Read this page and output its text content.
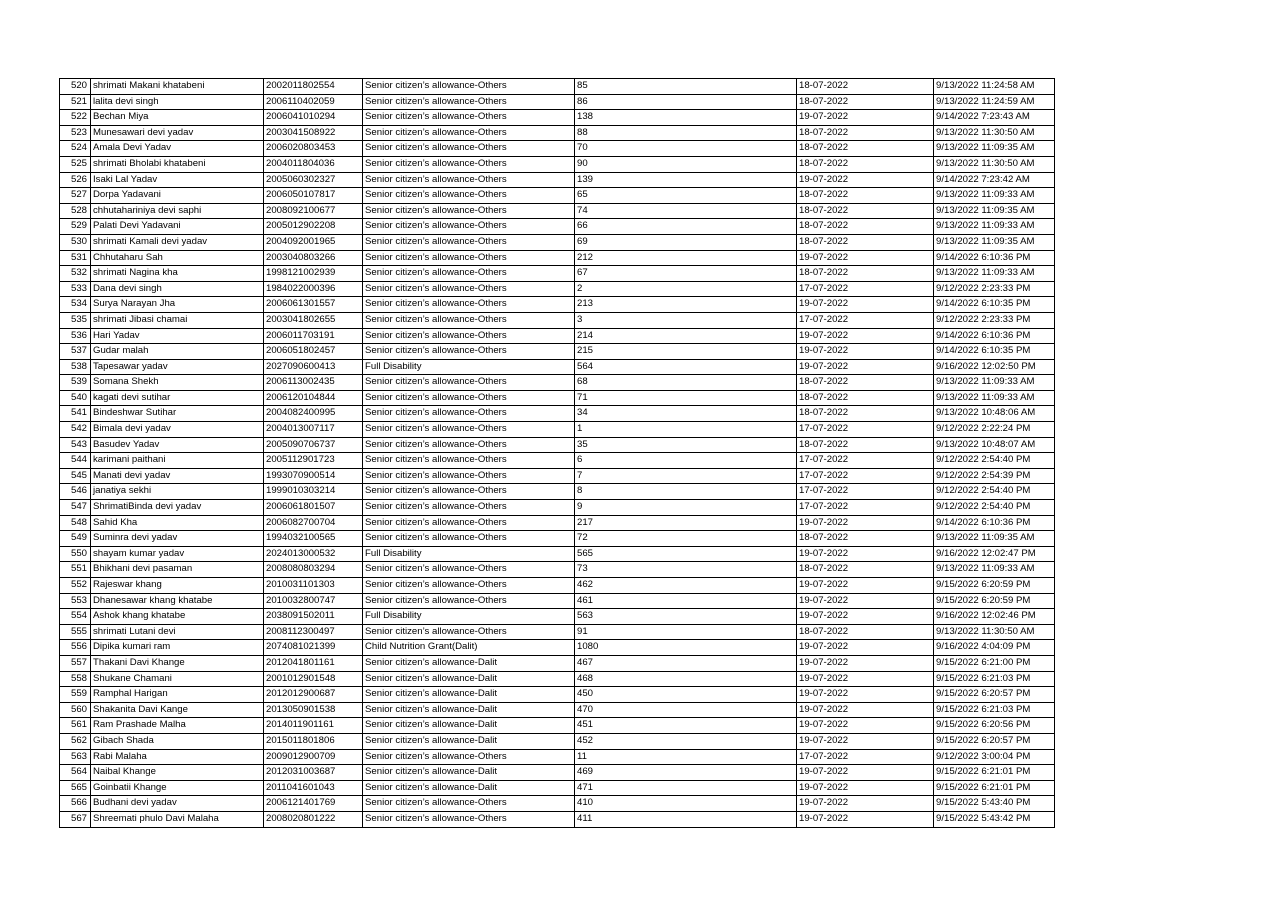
520	shrimati Makani khatabeni	2002011802554	Senior citizen’s allowance-Others	85	18-07-2022	9/13/2022 11:24:58 AM
521	lalita devi singh	2006110402059	Senior citizen’s allowance-Others	86	18-07-2022	9/13/2022 11:24:59 AM
522	Bechan Miya	2006041010294	Senior citizen’s allowance-Others	138	19-07-2022	9/14/2022 7:23:43 AM
523	Munesawari devi yadav	2003041508922	Senior citizen’s allowance-Others	88	18-07-2022	9/13/2022 11:30:50 AM
524	Amala Devi Yadav	2006020803453	Senior citizen’s allowance-Others	70	18-07-2022	9/13/2022 11:09:35 AM
525	shrimati Bholabi khatabeni	2004011804036	Senior citizen’s allowance-Others	90	18-07-2022	9/13/2022 11:30:50 AM
526	Isaki Lal Yadav	2005060302327	Senior citizen’s allowance-Others	139	19-07-2022	9/14/2022 7:23:42 AM
527	Dorpa Yadavani	2006050107817	Senior citizen’s allowance-Others	65	18-07-2022	9/13/2022 11:09:33 AM
528	chhutahariniya devi saphi	2008092100677	Senior citizen’s allowance-Others	74	18-07-2022	9/13/2022 11:09:35 AM
529	Palati Devi Yadavani	2005012902208	Senior citizen’s allowance-Others	66	18-07-2022	9/13/2022 11:09:33 AM
530	shrimati Kamali devi yadav	2004092001965	Senior citizen’s allowance-Others	69	18-07-2022	9/13/2022 11:09:35 AM
531	Chhutaharu Sah	2003040803266	Senior citizen’s allowance-Others	212	19-07-2022	9/14/2022 6:10:36 PM
532	shrimati Nagina kha	1998121002939	Senior citizen’s allowance-Others	67	18-07-2022	9/13/2022 11:09:33 AM
533	Dana devi singh	1984022000396	Senior citizen’s allowance-Others	2	17-07-2022	9/12/2022 2:23:33 PM
534	Surya Narayan Jha	2006061301557	Senior citizen’s allowance-Others	213	19-07-2022	9/14/2022 6:10:35 PM
535	shrimati Jibasi chamai	2003041802655	Senior citizen’s allowance-Others	3	17-07-2022	9/12/2022 2:23:33 PM
536	Hari Yadav	2006011703191	Senior citizen’s allowance-Others	214	19-07-2022	9/14/2022 6:10:36 PM
537	Gudar malah	2006051802457	Senior citizen’s allowance-Others	215	19-07-2022	9/14/2022 6:10:35 PM
538	Tapesawar yadav	2027090600413	Full Disability	564	19-07-2022	9/16/2022 12:02:50 PM
539	Somana Shekh	2006113002435	Senior citizen’s allowance-Others	68	18-07-2022	9/13/2022 11:09:33 AM
540	kagati devi sutihar	2006120104844	Senior citizen’s allowance-Others	71	18-07-2022	9/13/2022 11:09:33 AM
541	Bindeshwar Sutihar	2004082400995	Senior citizen’s allowance-Others	34	18-07-2022	9/13/2022 10:48:06 AM
542	Bimala devi yadav	2004013007117	Senior citizen’s allowance-Others	1	17-07-2022	9/12/2022 2:22:24 PM
543	Basudev Yadav	2005090706737	Senior citizen’s allowance-Others	35	18-07-2022	9/13/2022 10:48:07 AM
544	karimani paithani	2005112901723	Senior citizen’s allowance-Others	6	17-07-2022	9/12/2022 2:54:40 PM
545	Manati devi yadav	1993070900514	Senior citizen’s allowance-Others	7	17-07-2022	9/12/2022 2:54:39 PM
546	janatiya sekhi	1999010303214	Senior citizen’s allowance-Others	8	17-07-2022	9/12/2022 2:54:40 PM
547	ShrimatiBinda devi yadav	2006061801507	Senior citizen’s allowance-Others	9	17-07-2022	9/12/2022 2:54:40 PM
548	Sahid Kha	2006082700704	Senior citizen’s allowance-Others	217	19-07-2022	9/14/2022 6:10:36 PM
549	Suminra devi yadav	1994032100565	Senior citizen’s allowance-Others	72	18-07-2022	9/13/2022 11:09:35 AM
550	shayam kumar yadav	2024013000532	Full Disability	565	19-07-2022	9/16/2022 12:02:47 PM
551	Bhikhani devi pasaman	2008080803294	Senior citizen’s allowance-Others	73	18-07-2022	9/13/2022 11:09:33 AM
552	Rajeswar khang	2010031101303	Senior citizen’s allowance-Others	462	19-07-2022	9/15/2022 6:20:59 PM
553	Dhanesawar khang khatabe	2010032800747	Senior citizen’s allowance-Others	461	19-07-2022	9/15/2022 6:20:59 PM
554	Ashok khang khatabe	2038091502011	Full Disability	563	19-07-2022	9/16/2022 12:02:46 PM
555	shrimati Lutani devi	2008112300497	Senior citizen’s allowance-Others	91	18-07-2022	9/13/2022 11:30:50 AM
556	Dipika kumari ram	2074081021399	Child Nutrition Grant(Dalit)	1080	19-07-2022	9/16/2022 4:04:09 PM
557	Thakani Davi Khange	2012041801161	Senior citizen’s allowance-Dalit	467	19-07-2022	9/15/2022 6:21:00 PM
558	Shukane Chamani	2001012901548	Senior citizen’s allowance-Dalit	468	19-07-2022	9/15/2022 6:21:03 PM
559	Ramphal Harigan	2012012900687	Senior citizen’s allowance-Dalit	450	19-07-2022	9/15/2022 6:20:57 PM
560	Shakanita Davi Kange	2013050901538	Senior citizen’s allowance-Dalit	470	19-07-2022	9/15/2022 6:21:03 PM
561	Ram Prashade Malha	2014011901161	Senior citizen’s allowance-Dalit	451	19-07-2022	9/15/2022 6:20:56 PM
562	Gibach Shada	2015011801806	Senior citizen’s allowance-Dalit	452	19-07-2022	9/15/2022 6:20:57 PM
563	Rabi Malaha	2009012900709	Senior citizen’s allowance-Others	11	17-07-2022	9/12/2022 3:00:04 PM
564	Naibal Khange	2012031003687	Senior citizen’s allowance-Dalit	469	19-07-2022	9/15/2022 6:21:01 PM
565	Goinbatii Khange	2011041601043	Senior citizen’s allowance-Dalit	471	19-07-2022	9/15/2022 6:21:01 PM
566	Budhani devi yadav	2006121401769	Senior citizen’s allowance-Others	410	19-07-2022	9/15/2022 5:43:40 PM
567	Shreemati phulo Davi Malaha	2008020801222	Senior citizen’s allowance-Others	411	19-07-2022	9/15/2022 5:43:42 PM
